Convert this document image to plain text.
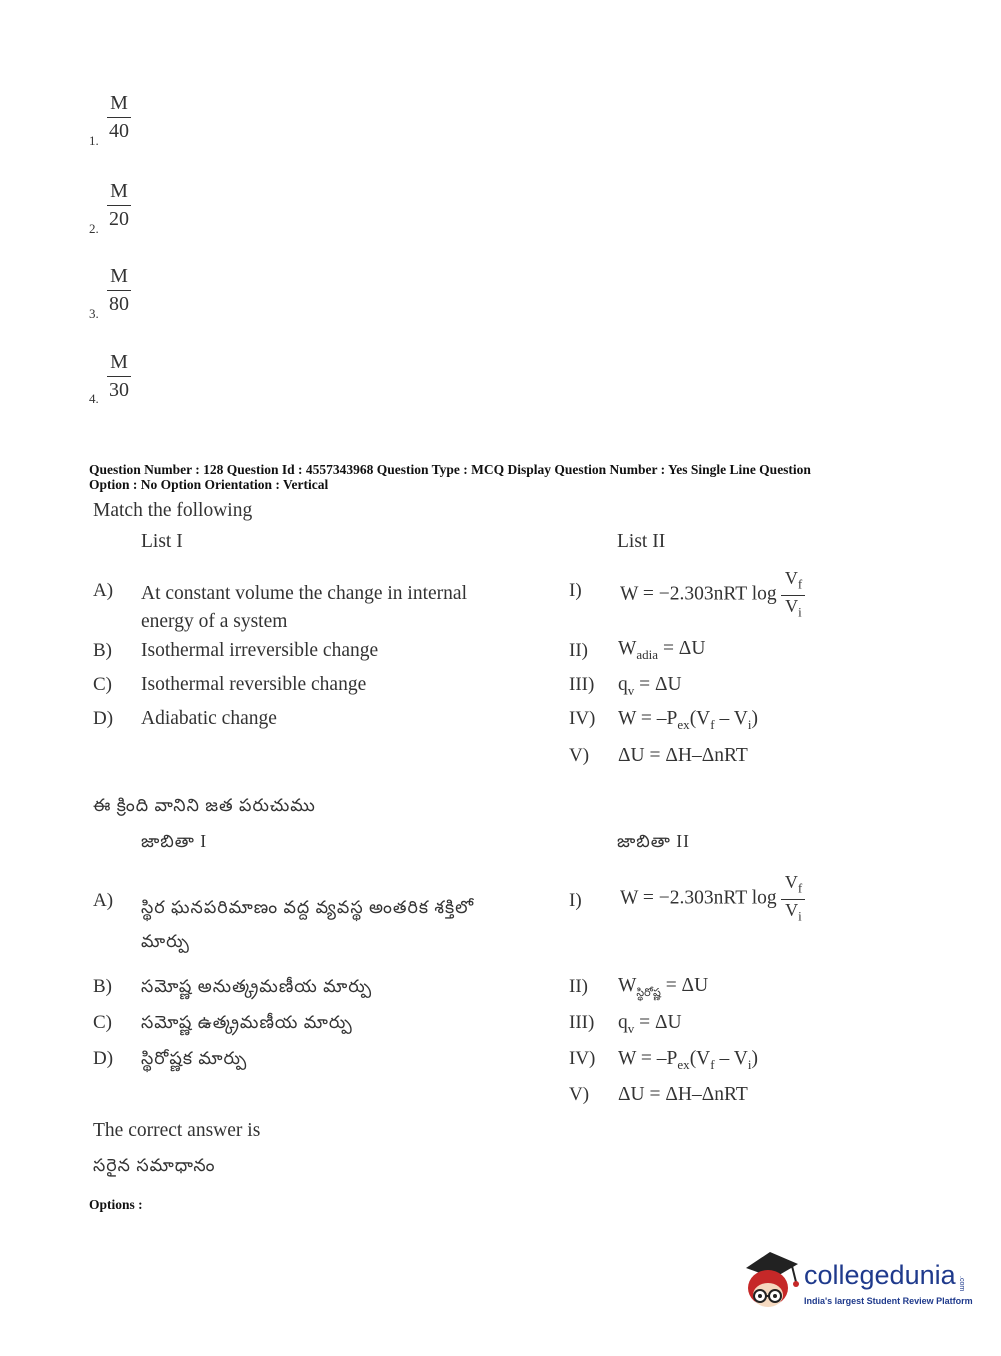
1.
M
40
2.
M
20
3.
M
80
4.
M
30
Question Number : 128 Question Id : 4557343968 Question Type : MCQ Display Question Number : Yes Single Line Question
Option : No Option Orientation : Vertical
Match the following
List I	List II
A) At constant volume the change in internal
energy of a system
B) Isothermal irreversible change
C) Isothermal reversible change
D) Adiabatic change
I) W = −2.303nRT $\log \frac{V_f}{V_i}$
II) $W_{adia} = \Delta U$
III) $q_v = \Delta U$
IV) $W = -P_{ex}(V_f - V_i)$
V) ΔU = ΔH–ΔnRT
ఈ క్రింది వానిని జత పరుచుము
జాబితా I	జాబితా II
A) స్థిర ఘనపరిమాణం వద్ద వ్యవస్థ అంతరిక శక్తిలో
మార్పు
B) సమోష్ణ అనుత్క్రమణీయ మార్పు
C) సమోష్ణ ఉత్క్రమణీయ మార్పు
D) స్థిరోష్ణక మార్పు
I) W = −2.303nRT $\log \frac{V_f}{V_i}$
II) $W_{స్థిరోష్ణ} = \Delta U$
III) $q_v = \Delta U$
IV) $W = -P_{ex}(V_f - V_i)$
V) ΔU = ΔH–ΔnRT
The correct answer is
సరైన సమాధానం
Options :
collegedunia .com
India's largest Student Review Platform
